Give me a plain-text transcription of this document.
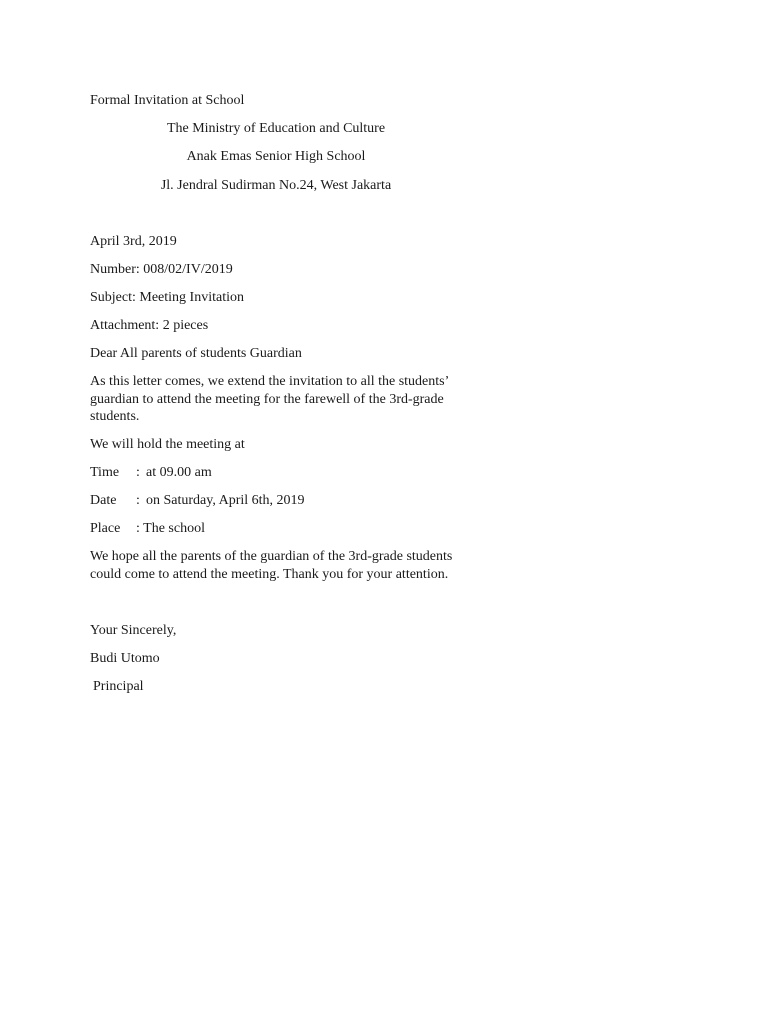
Formal Invitation at School
The Ministry of Education and Culture
Anak Emas Senior High School
Jl. Jendral Sudirman No.24, West Jakarta
April 3rd, 2019
Number: 008/02/IV/2019
Subject: Meeting Invitation
Attachment: 2 pieces
Dear All parents of students Guardian
As this letter comes, we extend the invitation to all the students’ guardian to attend the meeting for the farewell of the 3rd-grade students.
We will hold the meeting at
Time : at 09.00 am
Date : on Saturday, April 6th, 2019
Place : The school
We hope all the parents of the guardian of the 3rd-grade students could come to attend the meeting. Thank you for your attention.
Your Sincerely,
Budi Utomo
Principal
